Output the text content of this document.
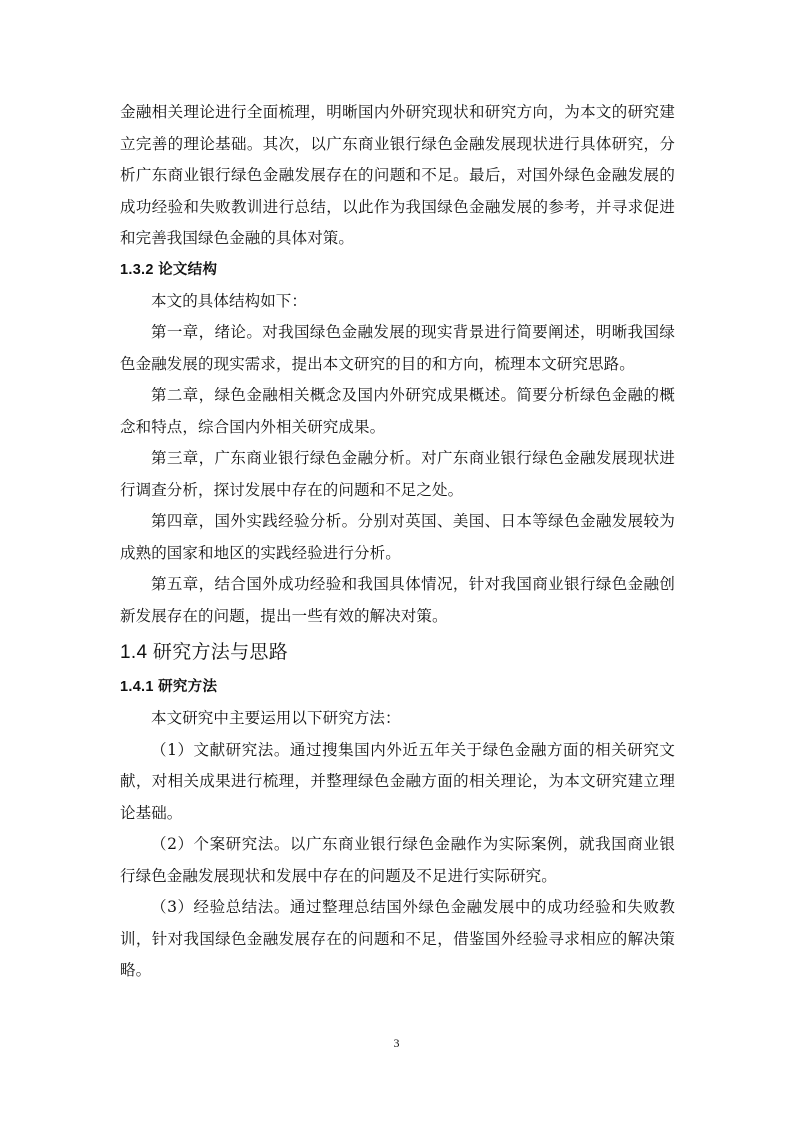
金融相关理论进行全面梳理，明晰国内外研究现状和研究方向，为本文的研究建立完善的理论基础。其次，以广东商业银行绿色金融发展现状进行具体研究，分析广东商业银行绿色金融发展存在的问题和不足。最后，对国外绿色金融发展的成功经验和失败教训进行总结，以此作为我国绿色金融发展的参考，并寻求促进和完善我国绿色金融的具体对策。

1.3.2 论文结构

本文的具体结构如下：

第一章，绪论。对我国绿色金融发展的现实背景进行简要阐述，明晰我国绿色金融发展的现实需求，提出本文研究的目的和方向，梳理本文研究思路。

第二章，绿色金融相关概念及国内外研究成果概述。简要分析绿色金融的概念和特点，综合国内外相关研究成果。

第三章，广东商业银行绿色金融分析。对广东商业银行绿色金融发展现状进行调查分析，探讨发展中存在的问题和不足之处。

第四章，国外实践经验分析。分别对英国、美国、日本等绿色金融发展较为成熟的国家和地区的实践经验进行分析。

第五章，结合国外成功经验和我国具体情况，针对我国商业银行绿色金融创新发展存在的问题，提出一些有效的解决对策。

1.4 研究方法与思路

1.4.1 研究方法

本文研究中主要运用以下研究方法：

（1）文献研究法。通过搜集国内外近五年关于绿色金融方面的相关研究文献，对相关成果进行梳理，并整理绿色金融方面的相关理论，为本文研究建立理论基础。

（2）个案研究法。以广东商业银行绿色金融作为实际案例，就我国商业银行绿色金融发展现状和发展中存在的问题及不足进行实际研究。

（3）经验总结法。通过整理总结国外绿色金融发展中的成功经验和失败教训，针对我国绿色金融发展存在的问题和不足，借鉴国外经验寻求相应的解决策略。

3
